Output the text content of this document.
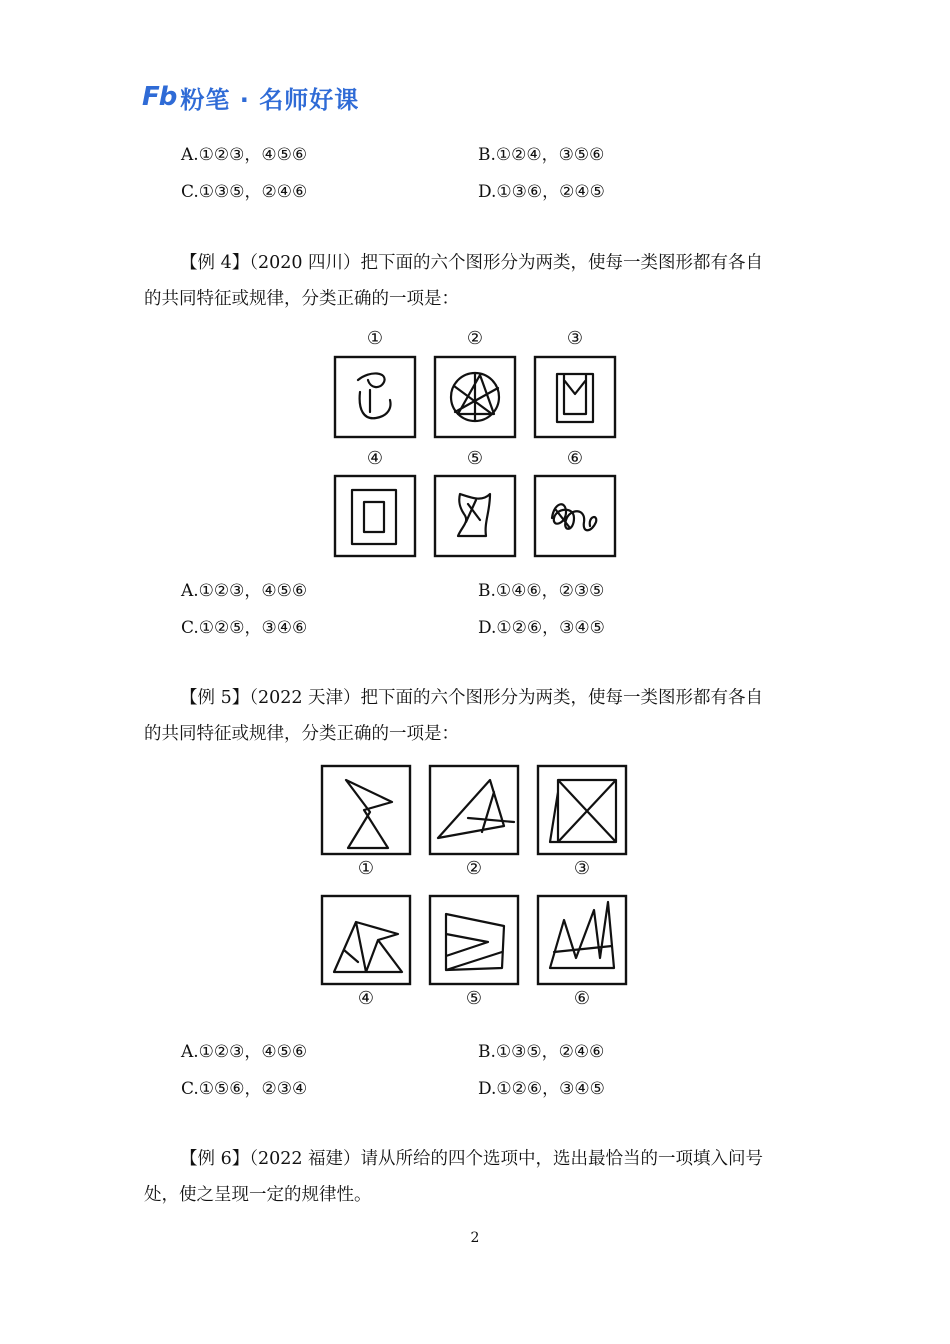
Fb 粉笔 · 名师好课
A.①②③，④⑤⑥	B.①②④，③⑤⑥
C.①③⑤，②④⑥	D.①③⑥，②④⑤
【例 4】（2020 四川）把下面的六个图形分为两类，使每一类图形都有各自
的共同特征或规律，分类正确的一项是：
①	②	③
④	⑤	⑥
A.①②③，④⑤⑥	B.①④⑥，②③⑤
C.①②⑤，③④⑥	D.①②⑥，③④⑤
【例 5】（2022 天津）把下面的六个图形分为两类，使每一类图形都有各自
的共同特征或规律，分类正确的一项是：
①	②	③
④	⑤	⑥
A.①②③，④⑤⑥	B.①③⑤，②④⑥
C.①⑤⑥，②③④	D.①②⑥，③④⑤
【例 6】（2022 福建）请从所给的四个选项中，选出最恰当的一项填入问号
处，使之呈现一定的规律性。
2
